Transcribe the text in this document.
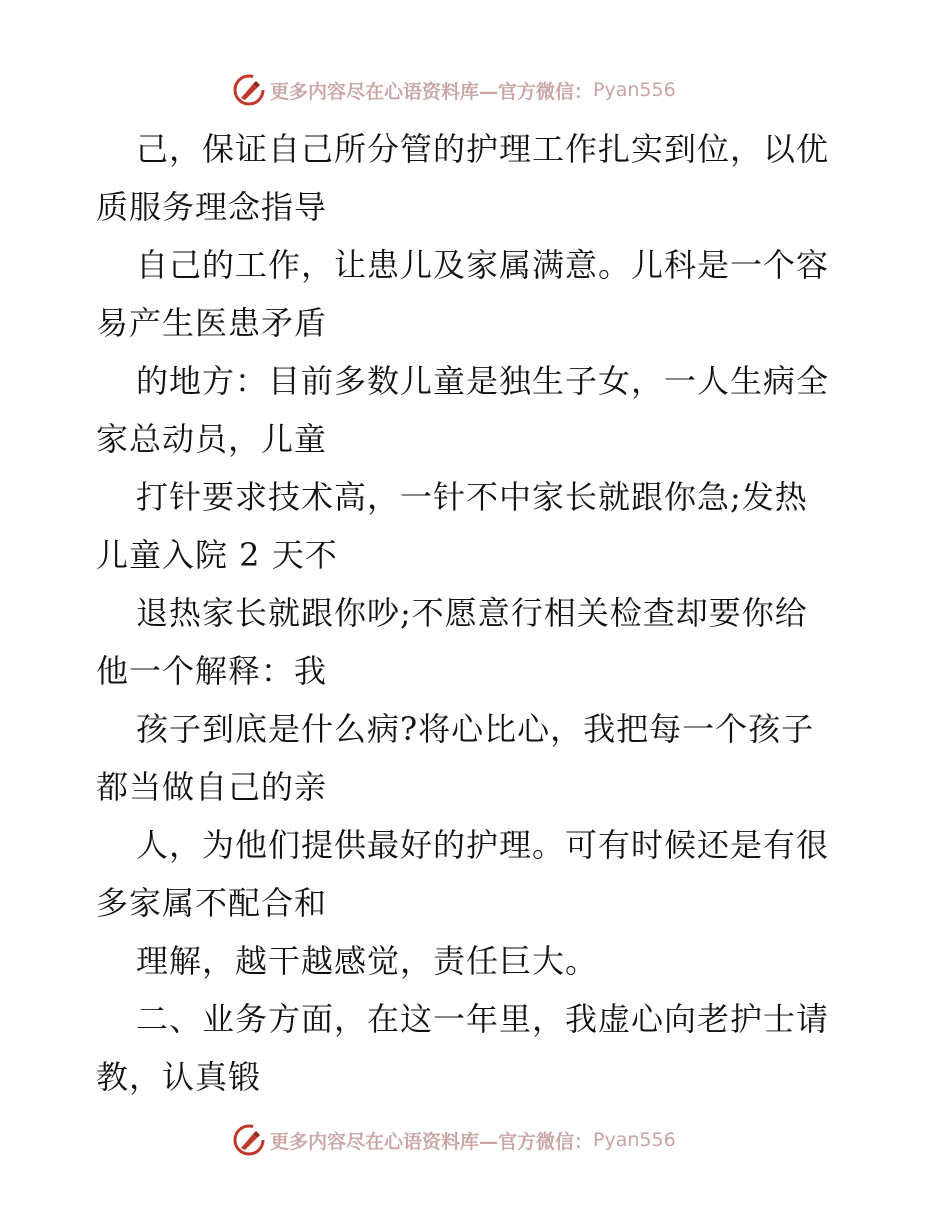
更多内容尽在心语资料库—官方微信： Pyan556
己，保证自己所分管的护理工作扎实到位，以优
质服务理念指导
自己的工作，让患儿及家属满意。儿科是一个容
易产生医患矛盾
的地方：目前多数儿童是独生子女，一人生病全
家总动员，儿童
打针要求技术高，一针不中家长就跟你急;发热
儿童入院 2 天不
退热家长就跟你吵;不愿意行相关检查却要你给
他一个解释：我
孩子到底是什么病?将心比心，我把每一个孩子
都当做自己的亲
人，为他们提供最好的护理。可有时候还是有很
多家属不配合和
理解，越干越感觉，责任巨大。
二、业务方面，在这一年里，我虚心向老护士请
教，认真锻
更多内容尽在心语资料库—官方微信： Pyan556
